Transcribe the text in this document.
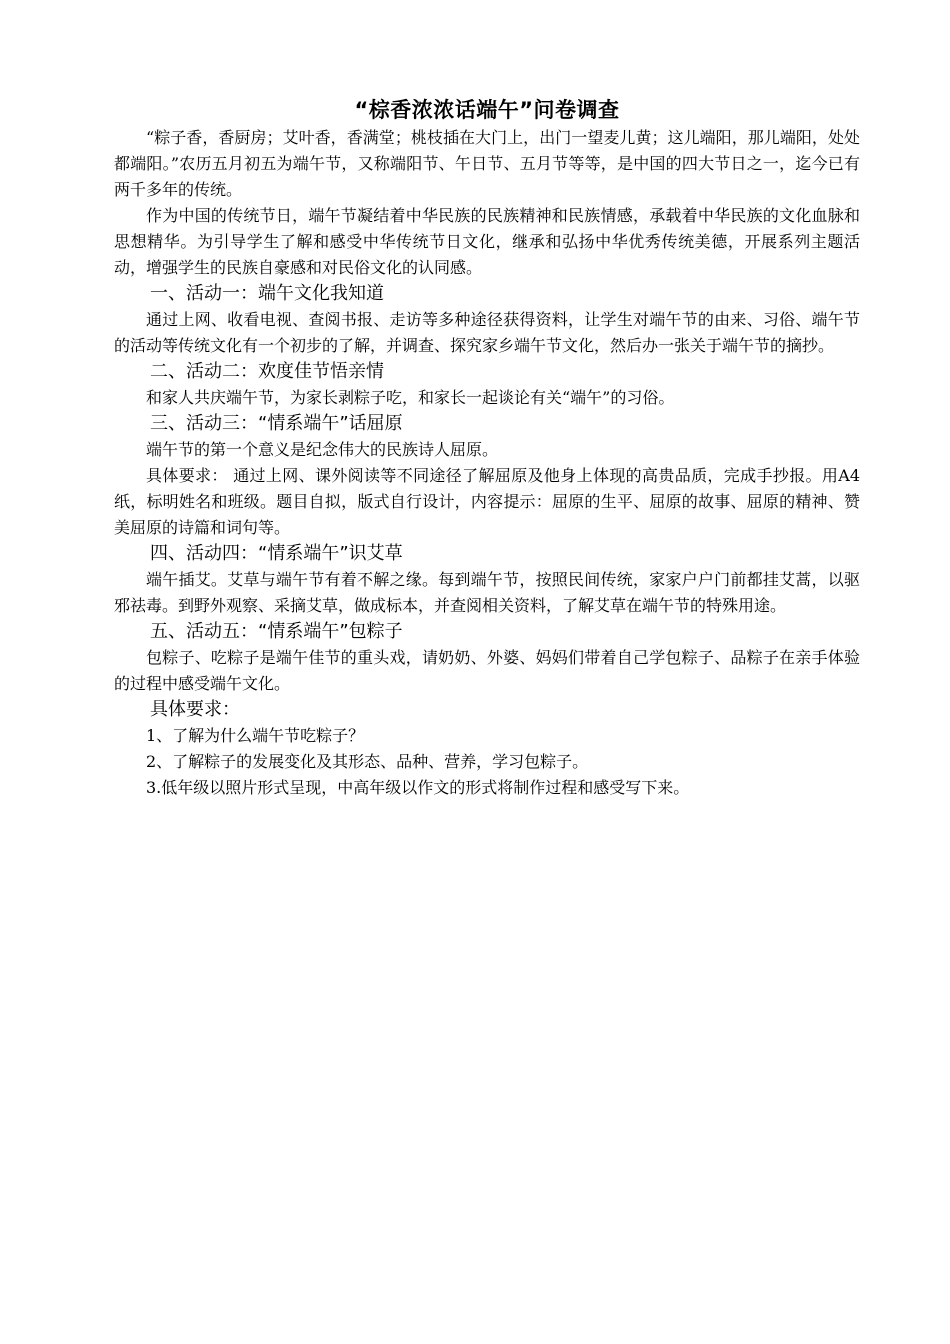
“棕香浓浓话端午”问卷调查

“粽子香，香厨房；艾叶香，香满堂；桃枝插在大门上，出门一望麦儿黄；这儿端阳，那儿端阳，处处都端阳。”农历五月初五为端午节，又称端阳节、午日节、五月节等等，是中国的四大节日之一，迄今已有两千多年的传统。

作为中国的传统节日，端午节凝结着中华民族的民族精神和民族情感，承载着中华民族的文化血脉和思想精华。为引导学生了解和感受中华传统节日文化，继承和弘扬中华优秀传统美德，开展系列主题活动，增强学生的民族自豪感和对民俗文化的认同感。

一、活动一：端午文化我知道

通过上网、收看电视、查阅书报、走访等多种途径获得资料，让学生对端午节的由来、习俗、端午节的活动等传统文化有一个初步的了解，并调查、探究家乡端午节文化，然后办一张关于端午节的摘抄。

二、活动二：欢度佳节悟亲情

和家人共庆端午节，为家长剥粽子吃，和家长一起谈论有关“端午”的习俗。

三、活动三：“情系端午”话屈原

端午节的第一个意义是纪念伟大的民族诗人屈原。

具体要求： 通过上网、课外阅读等不同途径了解屈原及他身上体现的高贵品质，完成手抄报。用A4纸，标明姓名和班级。题目自拟，版式自行设计，内容提示：屈原的生平、屈原的故事、屈原的精神、赞美屈原的诗篇和词句等。

四、活动四：“情系端午”识艾草

端午插艾。艾草与端午节有着不解之缘。每到端午节，按照民间传统，家家户户门前都挂艾蒿，以驱邪祛毒。到野外观察、采摘艾草，做成标本，并查阅相关资料，了解艾草在端午节的特殊用途。

五、活动五：“情系端午”包粽子

包粽子、吃粽子是端午佳节的重头戏，请奶奶、外婆、妈妈们带着自己学包粽子、品粽子在亲手体验的过程中感受端午文化。

具体要求：

1、了解为什么端午节吃粽子？

2、了解粽子的发展变化及其形态、品种、营养，学习包粽子。

3.低年级以照片形式呈现，中高年级以作文的形式将制作过程和感受写下来。
